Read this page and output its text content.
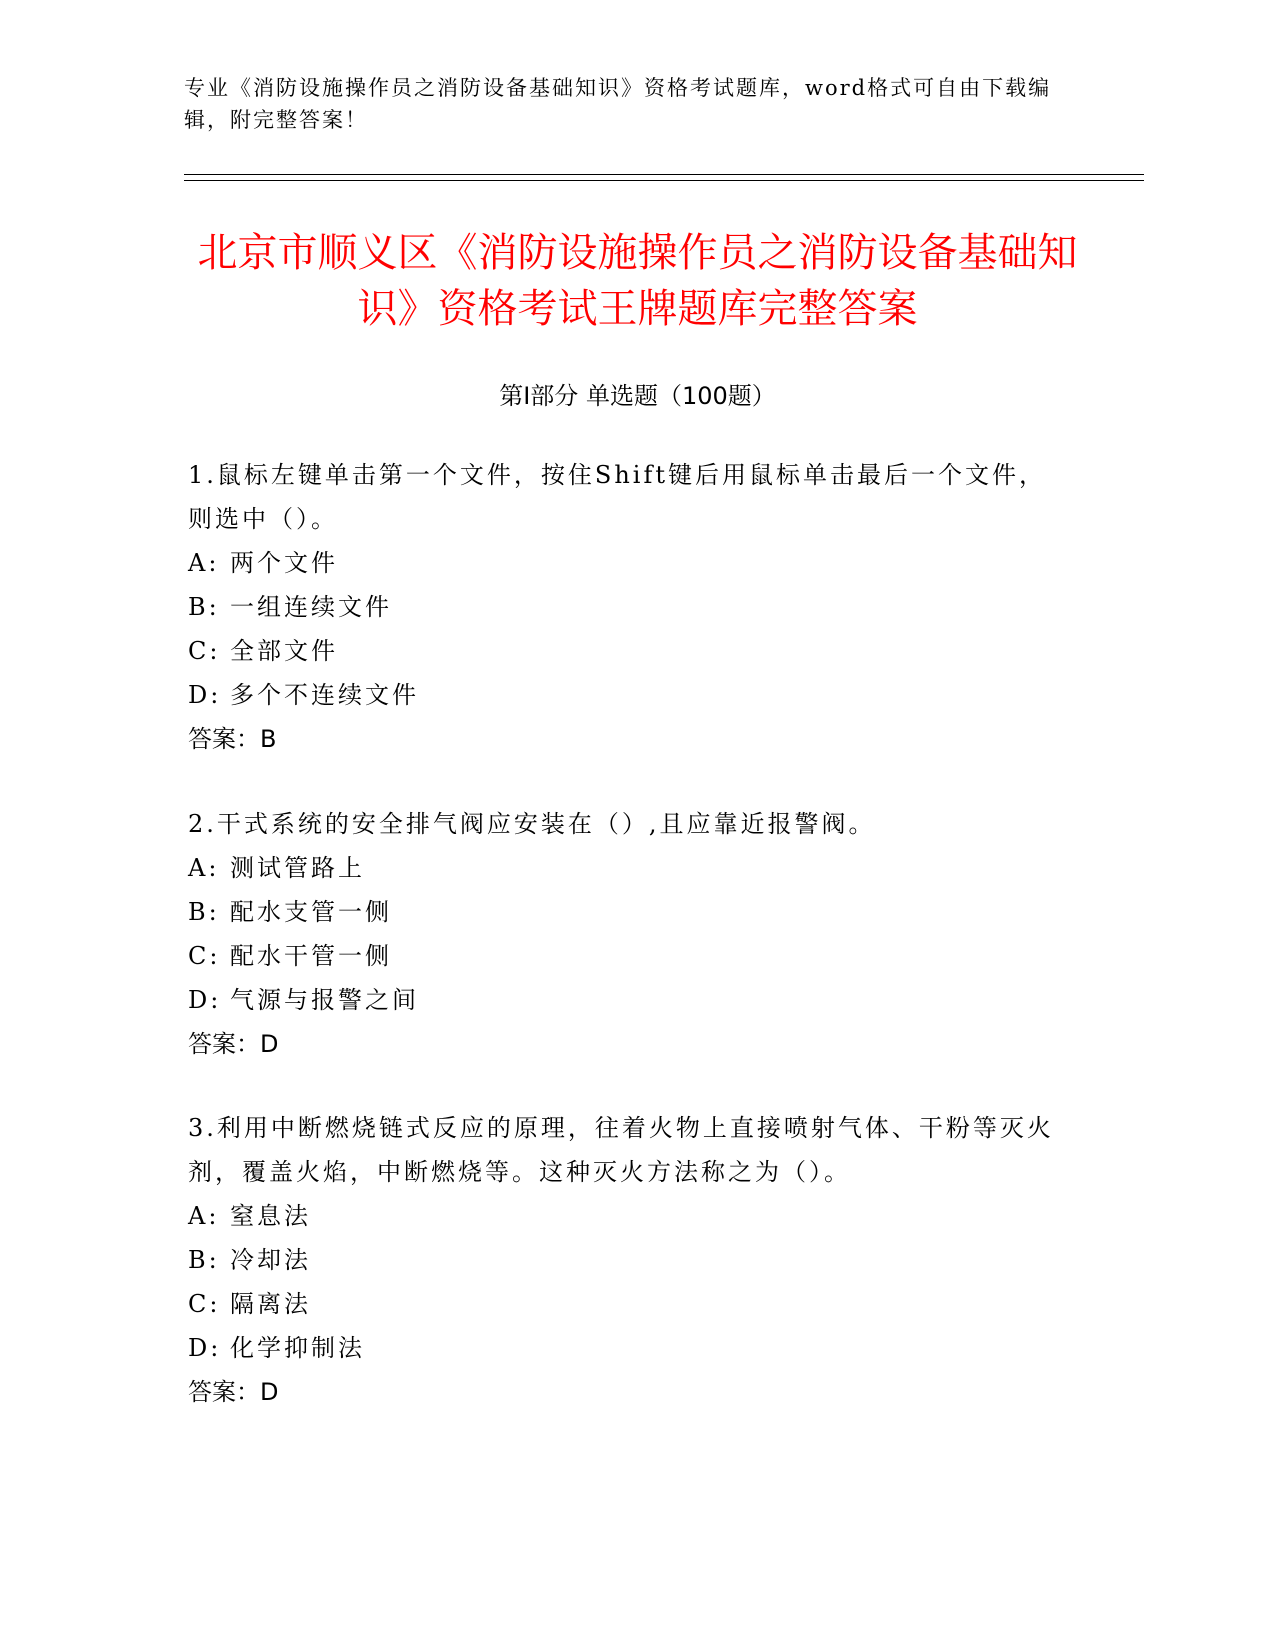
专业《消防设施操作员之消防设备基础知识》资格考试题库，word格式可自由下载编辑，附完整答案！
北京市顺义区《消防设施操作员之消防设备基础知识》资格考试王牌题库完整答案
第Ⅰ部分 单选题（100题）

1.鼠标左键单击第一个文件，按住Shift键后用鼠标单击最后一个文件，则选中（）。

A: 两个文件

B: 一组连续文件

C: 全部文件

D: 多个不连续文件

答案：B

2.干式系统的安全排气阀应安装在（）,且应靠近报警阀。

A: 测试管路上

B: 配水支管一侧

C: 配水干管一侧

D: 气源与报警之间

答案：D

3.利用中断燃烧链式反应的原理，往着火物上直接喷射气体、干粉等灭火剂，覆盖火焰，中断燃烧等。这种灭火方法称之为（）。

A: 窒息法

B: 冷却法

C: 隔离法

D: 化学抑制法

答案：D
